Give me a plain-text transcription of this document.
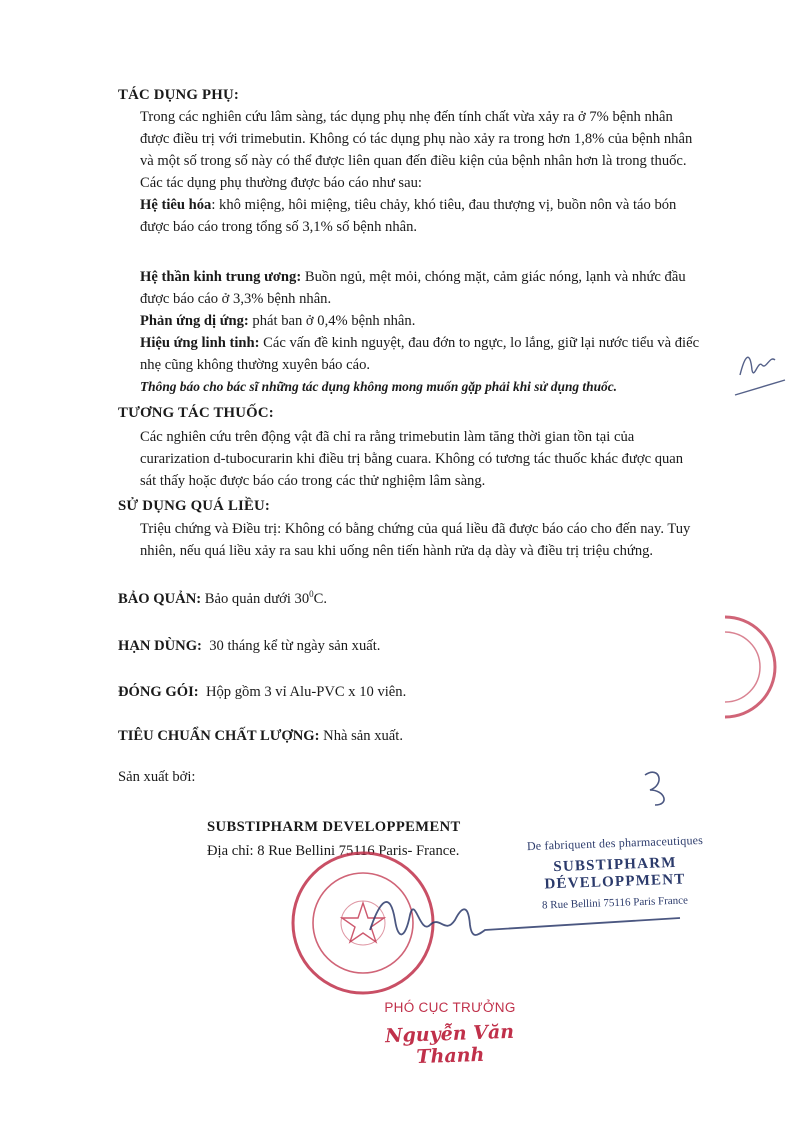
TÁC DỤNG PHỤ:
Trong các nghiên cứu lâm sàng, tác dụng phụ nhẹ đến tính chất vừa xảy ra ở 7% bệnh nhân
được điều trị với trimebutin. Không có tác dụng phụ nào xảy ra trong hơn 1,8% của bệnh nhân
và một số trong số này có thể được liên quan đến điều kiện của bệnh nhân hơn là trong thuốc.
Các tác dụng phụ thường được báo cáo như sau:
Hệ tiêu hóa: khô miệng, hôi miệng, tiêu chảy, khó tiêu, đau thượng vị, buồn nôn và táo bón
được báo cáo trong tổng số 3,1% số bệnh nhân.
Hệ thần kinh trung ương: Buồn ngủ, mệt mỏi, chóng mặt, cảm giác nóng, lạnh và nhức đầu
được báo cáo ở 3,3% bệnh nhân.
Phản ứng dị ứng: phát ban ở 0,4% bệnh nhân.
Hiệu ứng linh tinh: Các vấn đề kinh nguyệt, đau đớn to ngực, lo lắng, giữ lại nước tiểu và điếc
nhẹ cũng không thường xuyên báo cáo.
Thông báo cho bác sĩ những tác dụng không mong muốn gặp phải khi sử dụng thuốc.
TƯƠNG TÁC THUỐC:
Các nghiên cứu trên động vật đã chỉ ra rằng trimebutin làm tăng thời gian tồn tại của
curarization d-tubocurarin khi điều trị bằng cuara. Không có tương tác thuốc khác được quan
sát thấy hoặc được báo cáo trong các thử nghiệm lâm sàng.
SỬ DỤNG QUÁ LIỀU:
Triệu chứng và Điều trị: Không có bằng chứng của quá liều đã được báo cáo cho đến nay. Tuy
nhiên, nếu quá liều xảy ra sau khi uống nên tiến hành rửa dạ dày và điều trị triệu chứng.
BẢO QUẢN: Bảo quản dưới $30^0C$.
HẠN DÙNG:  30 tháng kể từ ngày sản xuất.
ĐÓNG GÓI:  Hộp gồm 3 vỉ Alu-PVC x 10 viên.
TIÊU CHUẨN CHẤT LƯỢNG: Nhà sản xuất.
Sản xuất bởi:
SUBSTIPHARM DEVELOPPEMENT
Địa chỉ: 8 Rue Bellini 75116 Paris- France.	De fabriquent des pharmaceutiques
SUBSTIPHARM
DÉVELOPPMENT
8 Rue Bellini 75116 Paris France
PHÓ CỤC TRƯỞNG
Nguyễn Văn Thanh
